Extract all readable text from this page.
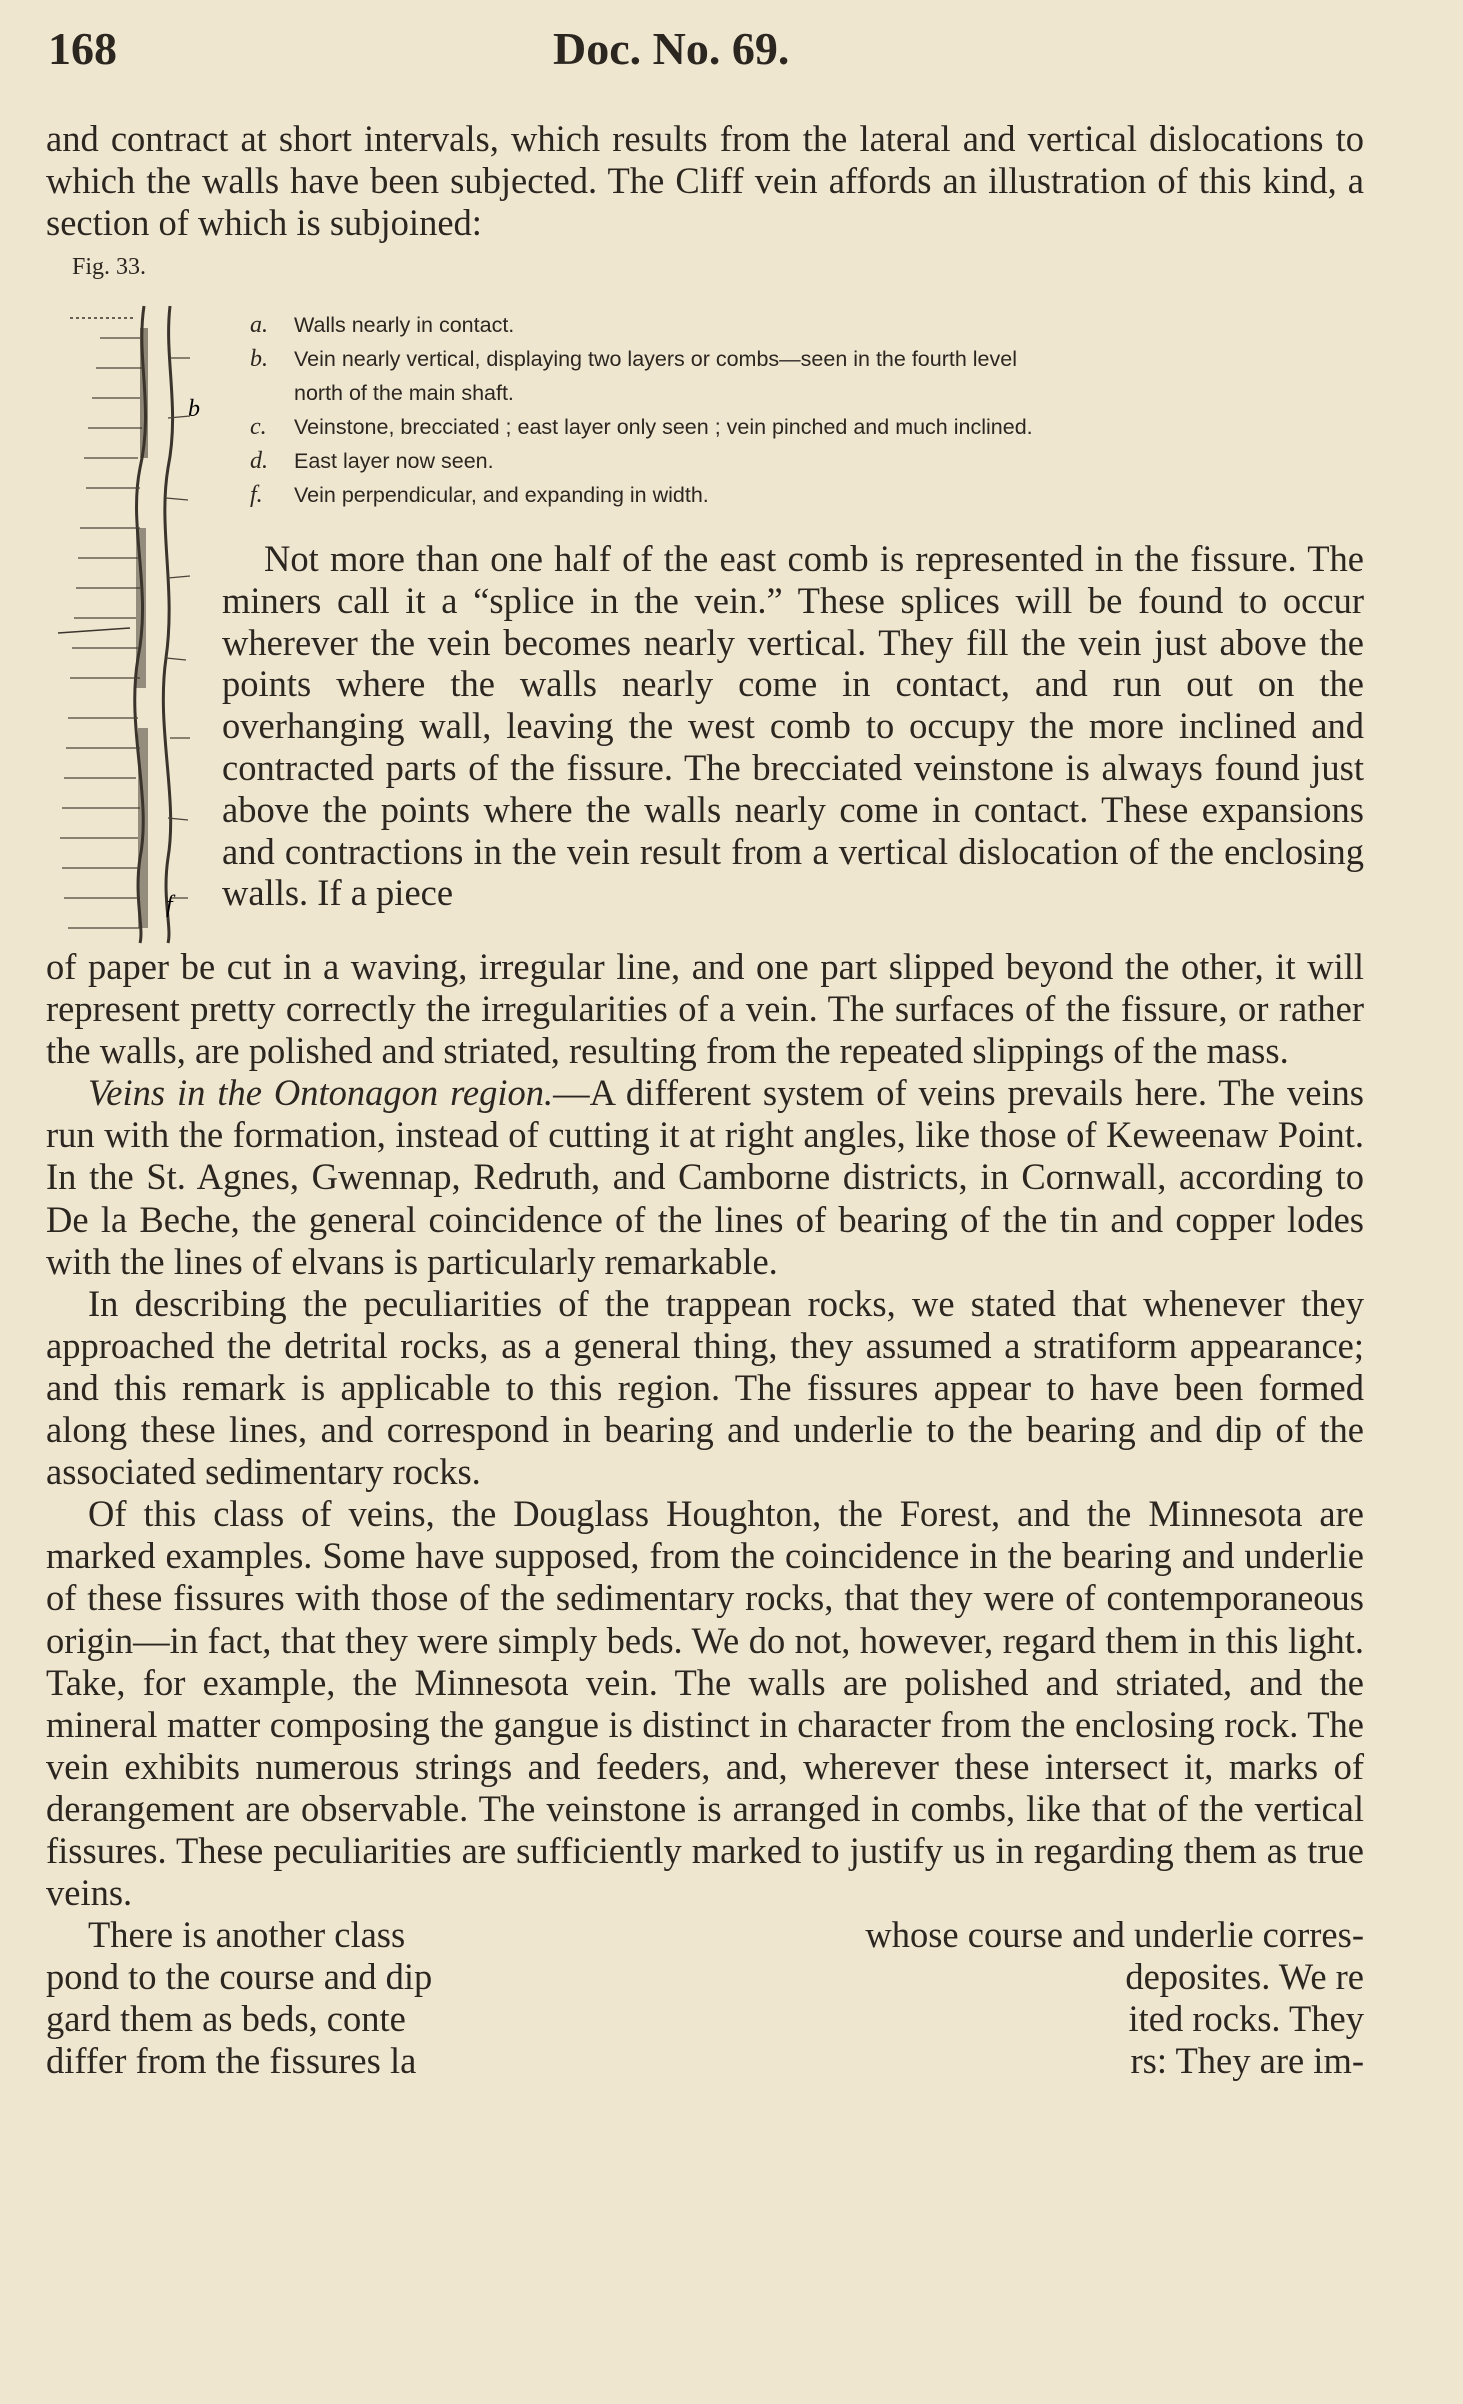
168	Doc. No. 69.

and contract at short intervals, which results from the lateral and vertical dislocations to which the walls have been subjected. The Cliff vein affords an illustration of this kind, a section of which is subjoined:

Fig. 33.
b
f
a.	Walls nearly in contact.
b.	Vein nearly vertical, displaying two layers or combs—seen in the fourth level
north of the main shaft.
c.	Veinstone, brecciated ; east layer only seen ; vein pinched and much inclined.
d.	East layer now seen.
f.	Vein perpendicular, and expanding in width.

Not more than one half of the east comb is represented in the fissure. The miners call it a “splice in the vein.” These splices will be found to occur wherever the vein becomes nearly vertical. They fill the vein just above the points where the walls nearly come in contact, and run out on the overhanging wall, leaving the west comb to occupy the more inclined and contracted parts of the fissure. The brecciated veinstone is always found just above the points where the walls nearly come in contact. These expansions and contractions in the vein result from a vertical dislocation of the enclosing walls. If a piece

of paper be cut in a waving, irregular line, and one part slipped beyond the other, it will represent pretty correctly the irregularities of a vein. The surfaces of the fissure, or rather the walls, are polished and striated, resulting from the repeated slippings of the mass.

Veins in the Ontonagon region.—A different system of veins prevails here. The veins run with the formation, instead of cutting it at right angles, like those of Keweenaw Point. In the St. Agnes, Gwennap, Redruth, and Camborne districts, in Cornwall, according to De la Beche, the general coincidence of the lines of bearing of the tin and copper lodes with the lines of elvans is particularly remarkable.

In describing the peculiarities of the trappean rocks, we stated that whenever they approached the detrital rocks, as a general thing, they assumed a stratiform appearance; and this remark is applicable to this region. The fissures appear to have been formed along these lines, and correspond in bearing and underlie to the bearing and dip of the associated sedimentary rocks.

Of this class of veins, the Douglass Houghton, the Forest, and the Minnesota are marked examples. Some have supposed, from the coincidence in the bearing and underlie of these fissures with those of the sedimentary rocks, that they were of contemporaneous origin—in fact, that they were simply beds. We do not, however, regard them in this light. Take, for example, the Minnesota vein. The walls are polished and striated, and the mineral matter composing the gangue is distinct in character from the enclosing rock. The vein exhibits numerous strings and feeders, and, wherever these intersect it, marks of derangement are observable. The veinstone is arranged in combs, like that of the vertical fissures. These peculiarities are sufficiently marked to justify us in regarding them as true veins.

There is another class	whose course and underlie corres-
pond to the course and dip	deposites. We re
gard them as beds, conte	ited rocks. They
differ from the fissures la	rs: They are im-
